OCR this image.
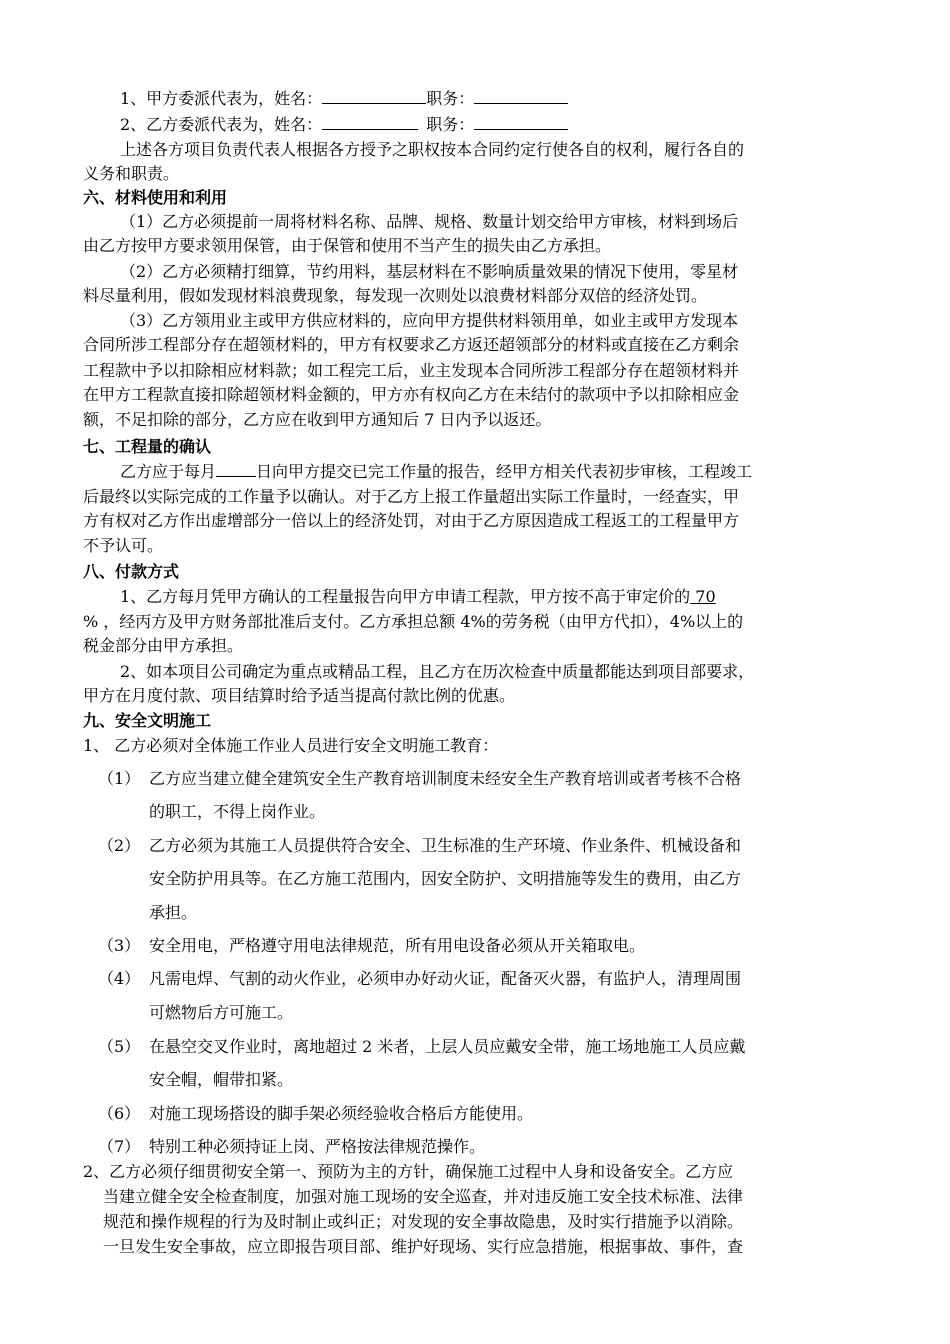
1、甲方委派代表为，姓名：	职务：
2、乙方委派代表为，姓名：	职务：
上述各方项目负责代表人根据各方授予之职权按本合同约定行使各自的权利，履行各自的
义务和职责。
六、材料使用和利用
（1）乙方必须提前一周将材料名称、品牌、规格、数量计划交给甲方审核，材料到场后
由乙方按甲方要求领用保管，由于保管和使用不当产生的损失由乙方承担。
（2）乙方必须精打细算，节约用料，基层材料在不影响质量效果的情况下使用，零星材
料尽量利用，假如发现材料浪费现象，每发现一次则处以浪费材料部分双倍的经济处罚。
（3）乙方领用业主或甲方供应材料的，应向甲方提供材料领用单，如业主或甲方发现本
合同所涉工程部分存在超领材料的，甲方有权要求乙方返还超领部分的材料或直接在乙方剩余
工程款中予以扣除相应材料款；如工程完工后，业主发现本合同所涉工程部分存在超领材料并
在甲方工程款直接扣除超领材料金额的，甲方亦有权向乙方在未结付的款项中予以扣除相应金
额，不足扣除的部分，乙方应在收到甲方通知后 7 日内予以返还。
七、工程量的确认
乙方应于每月	日向甲方提交已完工作量的报告，经甲方相关代表初步审核，工程竣工
后最终以实际完成的工作量予以确认。对于乙方上报工作量超出实际工作量时，一经查实，甲
方有权对乙方作出虚增部分一倍以上的经济处罚，对由于乙方原因造成工程返工的工程量甲方
不予认可。
八、付款方式
1、乙方每月凭甲方确认的工程量报告向甲方申请工程款，甲方按不高于审定价的 70
% ，经丙方及甲方财务部批准后支付。乙方承担总额 4%的劳务税（由甲方代扣），4%以上的
税金部分由甲方承担。
2、如本项目公司确定为重点或精品工程，且乙方在历次检查中质量都能达到项目部要求，
甲方在月度付款、项目结算时给予适当提高付款比例的优惠。
九、安全文明施工
1、 乙方必须对全体施工作业人员进行安全文明施工教育：
（1） 乙方应当建立健全建筑安全生产教育培训制度未经安全生产教育培训或者考核不合格
的职工，不得上岗作业。
（2） 乙方必须为其施工人员提供符合安全、卫生标准的生产环境、作业条件、机械设备和
安全防护用具等。在乙方施工范围内，因安全防护、文明措施等发生的费用，由乙方
承担。
（3） 安全用电，严格遵守用电法律规范，所有用电设备必须从开关箱取电。
（4） 凡需电焊、气割的动火作业，必须申办好动火证，配备灭火器，有监护人，清理周围
可燃物后方可施工。
（5） 在悬空交叉作业时，离地超过 2 米者，上层人员应戴安全带，施工场地施工人员应戴
安全帽，帽带扣紧。
（6） 对施工现场搭设的脚手架必须经验收合格后方能使用。
（7） 特别工种必须持证上岗、严格按法律规范操作。
2、乙方必须仔细贯彻安全第一、预防为主的方针，确保施工过程中人身和设备安全。乙方应
当建立健全安全检查制度，加强对施工现场的安全巡查，并对违反施工安全技术标准、法律
规范和操作规程的行为及时制止或纠正；对发现的安全事故隐患，及时实行措施予以消除。
一旦发生安全事故，应立即报告项目部、维护好现场、实行应急措施，根据事故、事件，查
